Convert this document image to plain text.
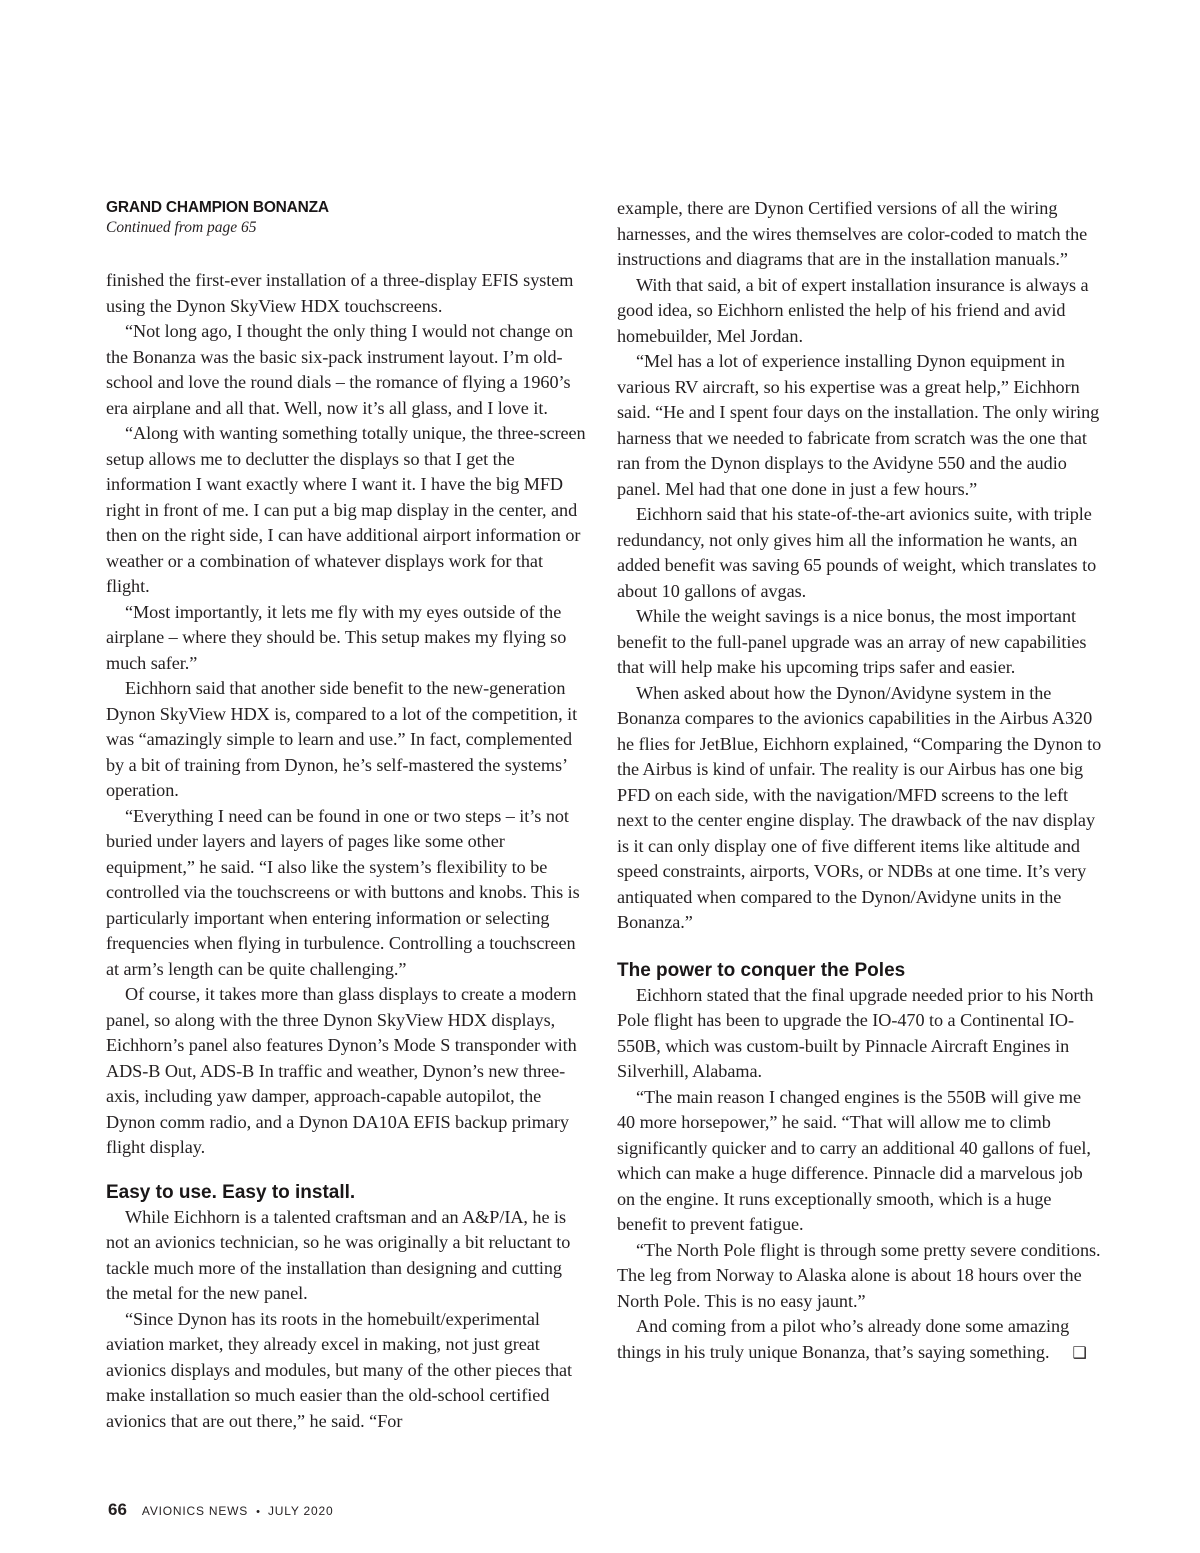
GRAND CHAMPION BONANZA
Continued from page 65

finished the first-ever installation of a three-display EFIS system using the Dynon SkyView HDX touchscreens.

“Not long ago, I thought the only thing I would not change on the Bonanza was the basic six-pack instrument layout. I’m old-school and love the round dials – the romance of flying a 1960’s era airplane and all that. Well, now it’s all glass, and I love it.

“Along with wanting something totally unique, the three-screen setup allows me to declutter the displays so that I get the information I want exactly where I want it. I have the big MFD right in front of me. I can put a big map display in the center, and then on the right side, I can have additional airport information or weather or a combination of whatever displays work for that flight.

“Most importantly, it lets me fly with my eyes outside of the airplane – where they should be. This setup makes my flying so much safer.”

Eichhorn said that another side benefit to the new-generation Dynon SkyView HDX is, compared to a lot of the competition, it was “amazingly simple to learn and use.” In fact, complemented by a bit of training from Dynon, he’s self-mastered the systems’ operation.

“Everything I need can be found in one or two steps – it’s not buried under layers and layers of pages like some other equipment,” he said. “I also like the system’s flexibility to be controlled via the touchscreens or with buttons and knobs. This is particularly important when entering information or selecting frequencies when flying in turbulence. Controlling a touchscreen at arm’s length can be quite challenging.”

Of course, it takes more than glass displays to create a modern panel, so along with the three Dynon SkyView HDX displays, Eichhorn’s panel also features Dynon’s Mode S transponder with ADS-B Out, ADS-B In traffic and weather, Dynon’s new three-axis, including yaw damper, approach-capable autopilot, the Dynon comm radio, and a Dynon DA10A EFIS backup primary flight display.

Easy to use. Easy to install.

While Eichhorn is a talented craftsman and an A&P/IA, he is not an avionics technician, so he was originally a bit reluctant to tackle much more of the installation than designing and cutting the metal for the new panel.

“Since Dynon has its roots in the homebuilt/experimental aviation market, they already excel in making, not just great avionics displays and modules, but many of the other pieces that make installation so much easier than the old-school certified avionics that are out there,” he said. “For

example, there are Dynon Certified versions of all the wiring harnesses, and the wires themselves are color-coded to match the instructions and diagrams that are in the installation manuals.”

With that said, a bit of expert installation insurance is always a good idea, so Eichhorn enlisted the help of his friend and avid homebuilder, Mel Jordan.

“Mel has a lot of experience installing Dynon equipment in various RV aircraft, so his expertise was a great help,” Eichhorn said. “He and I spent four days on the installation. The only wiring harness that we needed to fabricate from scratch was the one that ran from the Dynon displays to the Avidyne 550 and the audio panel. Mel had that one done in just a few hours.”

Eichhorn said that his state-of-the-art avionics suite, with triple redundancy, not only gives him all the information he wants, an added benefit was saving 65 pounds of weight, which translates to about 10 gallons of avgas.

While the weight savings is a nice bonus, the most important benefit to the full-panel upgrade was an array of new capabilities that will help make his upcoming trips safer and easier.

When asked about how the Dynon/Avidyne system in the Bonanza compares to the avionics capabilities in the Airbus A320 he flies for JetBlue, Eichhorn explained, “Comparing the Dynon to the Airbus is kind of unfair. The reality is our Airbus has one big PFD on each side, with the navigation/MFD screens to the left next to the center engine display. The drawback of the nav display is it can only display one of five different items like altitude and speed constraints, airports, VORs, or NDBs at one time. It’s very antiquated when compared to the Dynon/Avidyne units in the Bonanza.”

The power to conquer the Poles

Eichhorn stated that the final upgrade needed prior to his North Pole flight has been to upgrade the IO-470 to a Continental IO-550B, which was custom-built by Pinnacle Aircraft Engines in Silverhill, Alabama.

“The main reason I changed engines is the 550B will give me 40 more horsepower,” he said. “That will allow me to climb significantly quicker and to carry an additional 40 gallons of fuel, which can make a huge difference. Pinnacle did a marvelous job on the engine. It runs exceptionally smooth, which is a huge benefit to prevent fatigue.

“The North Pole flight is through some pretty severe conditions. The leg from Norway to Alaska alone is about 18 hours over the North Pole. This is no easy jaunt.”

And coming from a pilot who’s already done some amazing things in his truly unique Bonanza, that’s saying something. ❑

66 AVIONICS NEWS • JULY 2020
